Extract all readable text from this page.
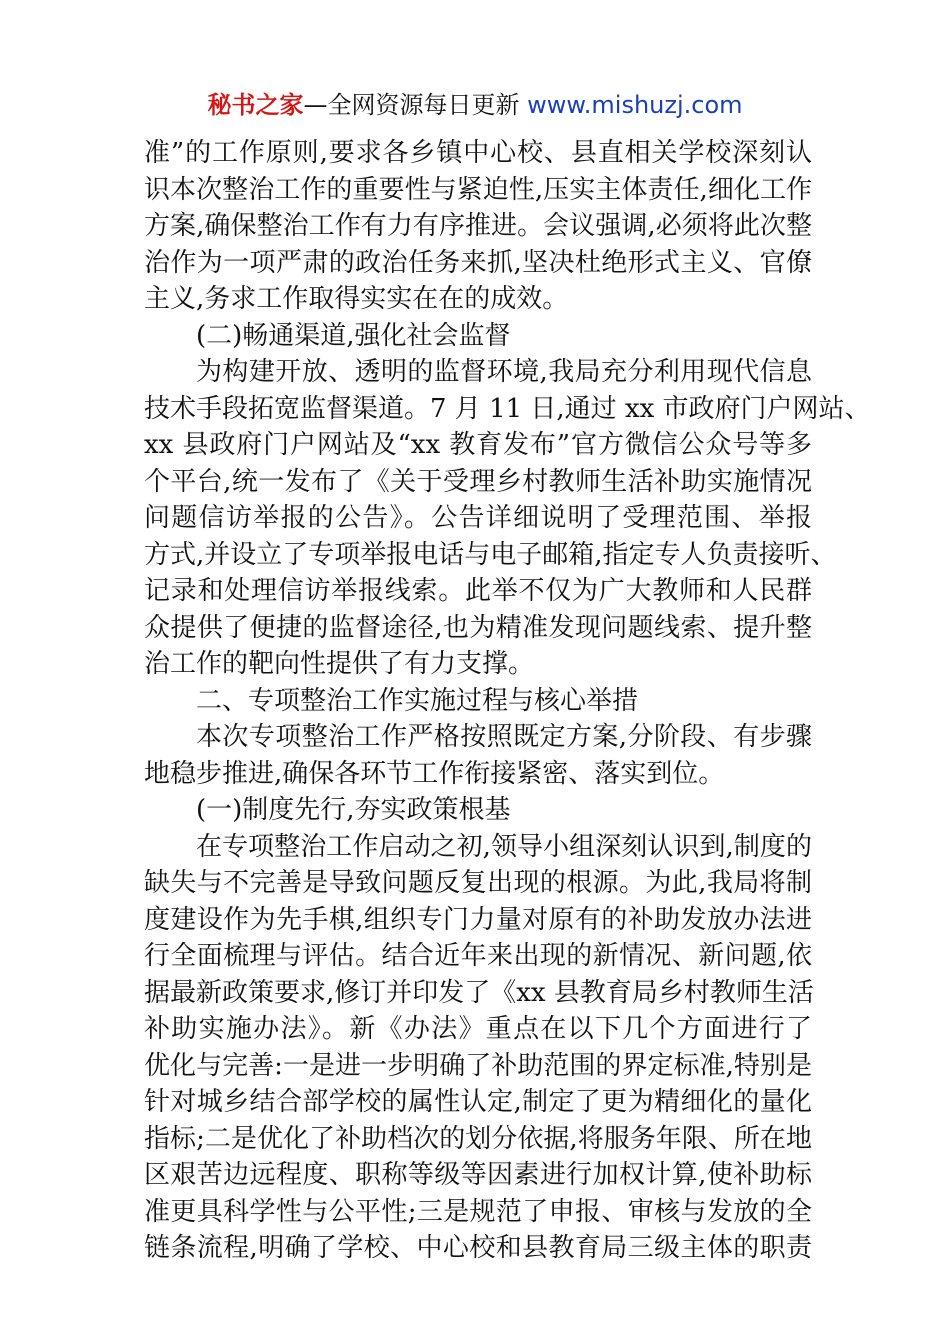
秘书之家—全网资源每日更新 www.mishuzj.com
准”的工作原则,要求各乡镇中心校、县直相关学校深刻认
识本次整治工作的重要性与紧迫性,压实主体责任,细化工作
方案,确保整治工作有力有序推进。会议强调,必须将此次整
治作为一项严肃的政治任务来抓,坚决杜绝形式主义、官僚
主义,务求工作取得实实在在的成效。
(二)畅通渠道,强化社会监督
为构建开放、透明的监督环境,我局充分利用现代信息
技术手段拓宽监督渠道。7 月 11 日,通过 xx 市政府门户网站、
xx 县政府门户网站及“xx 教育发布”官方微信公众号等多
个平台,统一发布了《关于受理乡村教师生活补助实施情况
问题信访举报的公告》。公告详细说明了受理范围、举报
方式,并设立了专项举报电话与电子邮箱,指定专人负责接听、
记录和处理信访举报线索。此举不仅为广大教师和人民群
众提供了便捷的监督途径,也为精准发现问题线索、提升整
治工作的靶向性提供了有力支撑。
二、专项整治工作实施过程与核心举措
本次专项整治工作严格按照既定方案,分阶段、有步骤
地稳步推进,确保各环节工作衔接紧密、落实到位。
(一)制度先行,夯实政策根基
在专项整治工作启动之初,领导小组深刻认识到,制度的
缺失与不完善是导致问题反复出现的根源。为此,我局将制
度建设作为先手棋,组织专门力量对原有的补助发放办法进
行全面梳理与评估。结合近年来出现的新情况、新问题,依
据最新政策要求,修订并印发了《xx 县教育局乡村教师生活
补助实施办法》。新《办法》重点在以下几个方面进行了
优化与完善:一是进一步明确了补助范围的界定标准,特别是
针对城乡结合部学校的属性认定,制定了更为精细化的量化
指标;二是优化了补助档次的划分依据,将服务年限、所在地
区艰苦边远程度、职称等级等因素进行加权计算,使补助标
准更具科学性与公平性;三是规范了申报、审核与发放的全
链条流程,明确了学校、中心校和县教育局三级主体的职责
